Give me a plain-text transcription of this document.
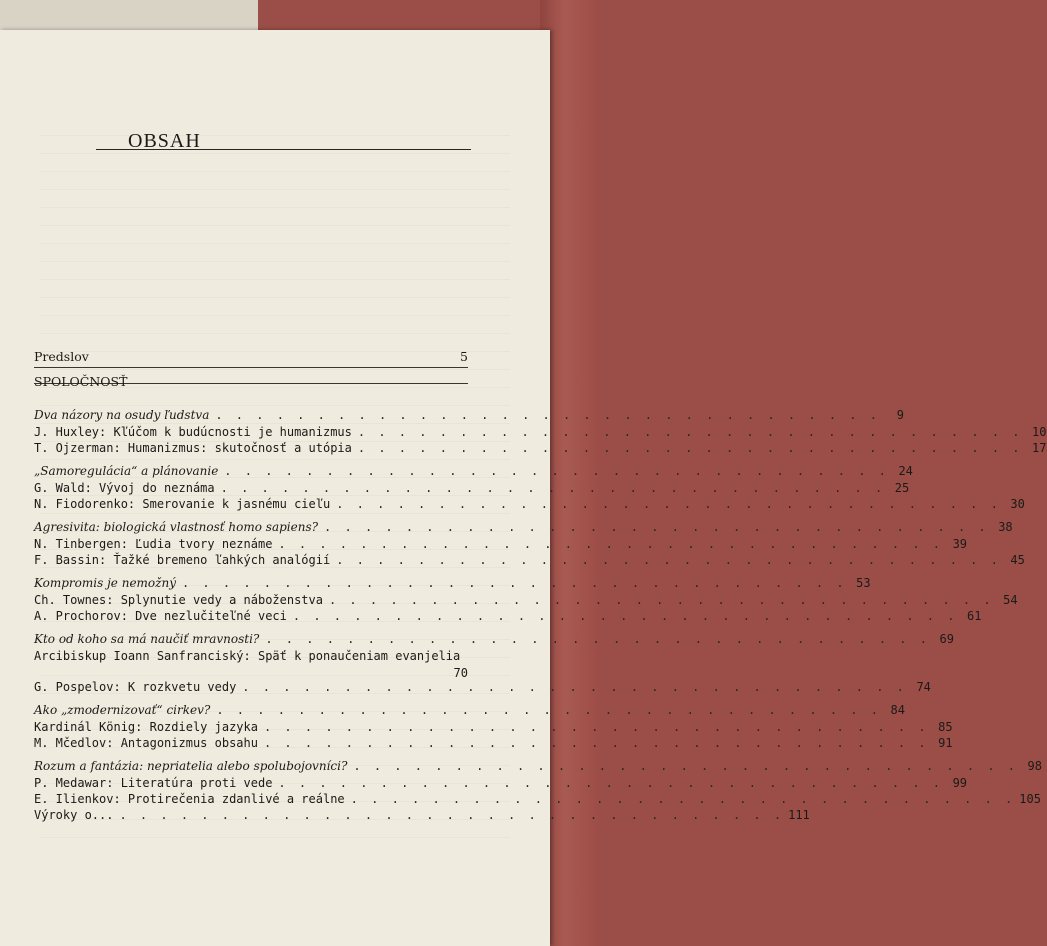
OBSAH
Predslov	5
SPOLOČNOSŤ
Dva názory na osudy ľudstva . . . . . . . . . . . . . . . . . . . . . . . . . . . . . . . . .	9
J. Huxley: Kľúčom k budúcnosti je humanizmus . . . . . . . . . . . . . . . . . . . . . . . . . . . . . . . . . 10
T. Ojzerman: Humanizmus: skutočnosť a utópia . . . . . . . . . . . . . . . . . . . . . . . . . . . . . . . . . 17
„Samoregulácia“ a plánovanie . . . . . . . . . . . . . . . . . . . . . . . . . . . . . . . . . 24
G. Wald: Vývoj do neznáma . . . . . . . . . . . . . . . . . . . . . . . . . . . . . . . . . 25
N. Fiodorenko: Smerovanie k jasnému cieľu . . . . . . . . . . . . . . . . . . . . . . . . . . . . . . . . . 30
Agresivita: biologická vlastnosť homo sapiens? . . . . . . . . . . . . . . . . . . . . . . . . . . . . . . . . . 38
N. Tinbergen: Ľudia tvory neznáme . . . . . . . . . . . . . . . . . . . . . . . . . . . . . . . . . 39
F. Bassin: Ťažké bremeno ľahkých analógií . . . . . . . . . . . . . . . . . . . . . . . . . . . . . . . . . 45
Kompromis je nemožný . . . . . . . . . . . . . . . . . . . . . . . . . . . . . . . . . 53
Ch. Townes: Splynutie vedy a náboženstva . . . . . . . . . . . . . . . . . . . . . . . . . . . . . . . . . 54
A. Prochorov: Dve nezlučiteľné veci . . . . . . . . . . . . . . . . . . . . . . . . . . . . . . . . . 61
Kto od koho sa má naučiť mravnosti? . . . . . . . . . . . . . . . . . . . . . . . . . . . . . . . . . 69
Arcibiskup Ioann Sanfranciský: Späť k ponaučeniam evanjelia
70
G. Pospelov: K rozkvetu vedy . . . . . . . . . . . . . . . . . . . . . . . . . . . . . . . . . 74
Ako „zmodernizovať“ cirkev? . . . . . . . . . . . . . . . . . . . . . . . . . . . . . . . . . 84
Kardinál König: Rozdiely jazyka . . . . . . . . . . . . . . . . . . . . . . . . . . . . . . . . . 85
M. Mčedlov: Antagonizmus obsahu . . . . . . . . . . . . . . . . . . . . . . . . . . . . . . . . . 91
Rozum a fantázia: nepriatelia alebo spolubojovníci? . . . . . . . . . . . . . . . . . . . . . . . . . . . . . . . . . 98
P. Medawar: Literatúra proti vede . . . . . . . . . . . . . . . . . . . . . . . . . . . . . . . . . 99
E. Ilienkov: Protirečenia zdanlivé a reálne . . . . . . . . . . . . . . . . . . . . . . . . . . . . . . . . . 105
Výroky o... . . . . . . . . . . . . . . . . . . . . . . . . . . . . . . . . . 111
